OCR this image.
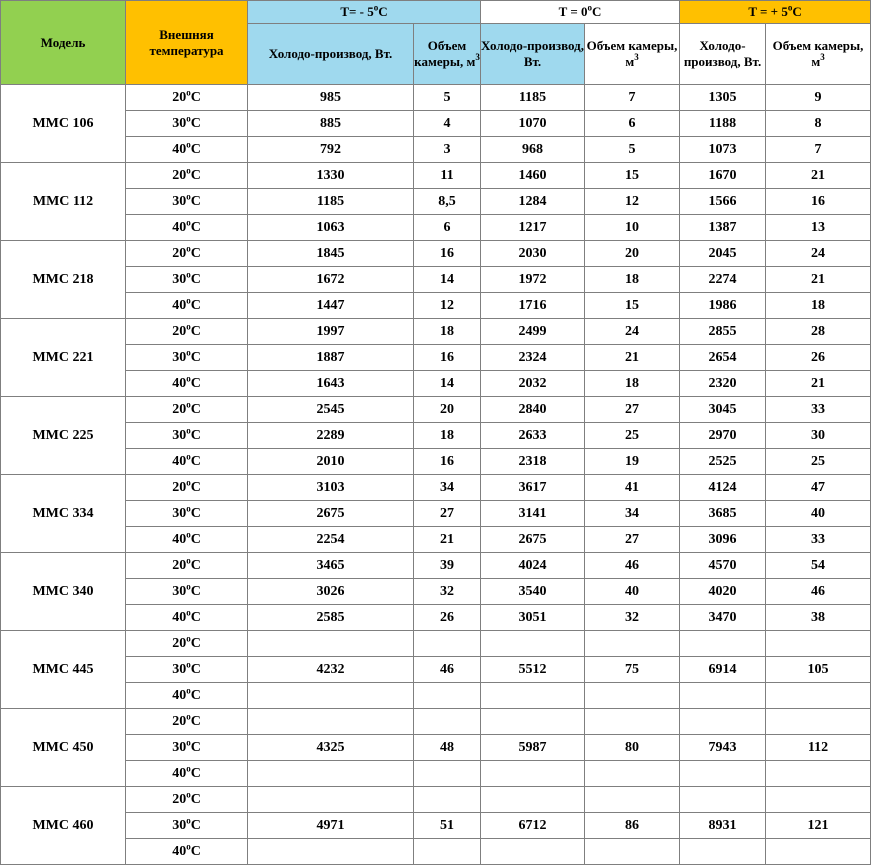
Модель	Внешняя температура	T= - 5$^o$C		$T = 0^oC$		T = + $5^oC$	
		Холодо-производ, Вт.	Объем камеры, $м^3$	Холодо-производ, Вт.	Объем камеры, $м^3$	Холодо-производ, Вт.	Объем камеры, $м^3$
ММС 106	20$^o$C	985	5	1185	7	1305	9
	30$^o$C	885	4	1070	6	1188	8
	40$^o$C	792	3	968	5	1073	7
ММС 112	20$^o$C	1330	11	1460	15	1670	21
	30$^o$C	1185	8,5	1284	12	1566	16
	40$^o$C	1063	6	1217	10	1387	13
ММС 218	20$^o$C	1845	16	2030	20	2045	24
	30$^o$C	1672	14	1972	18	2274	21
	40$^o$C	1447	12	1716	15	1986	18
ММС 221	20$^o$C	1997	18	2499	24	2855	28
	30$^o$C	1887	16	2324	21	2654	26
	40$^o$C	1643	14	2032	18	2320	21
ММС 225	20$^o$C	2545	20	2840	27	3045	33
	30$^o$C	2289	18	2633	25	2970	30
	40$^o$C	2010	16	2318	19	2525	25
ММС 334	20$^o$C	3103	34	3617	41	4124	47
	30$^o$C	2675	27	3141	34	3685	40
	40$^o$C	2254	21	2675	27	3096	33
ММС 340	20$^o$C	3465	39	4024	46	4570	54
	30$^o$C	3026	32	3540	40	4020	46
	40$^o$C	2585	26	3051	32	3470	38
ММС 445	20$^o$C						
	30$^o$C	4232	46	5512	75	6914	105
	40$^o$C						
ММС 450	20$^o$C						
	30$^o$C	4325	48	5987	80	7943	112
	40$^o$C						
ММС 460	20$^o$C						
	30$^o$C	4971	51	6712	86	8931	121
	40$^o$C						
